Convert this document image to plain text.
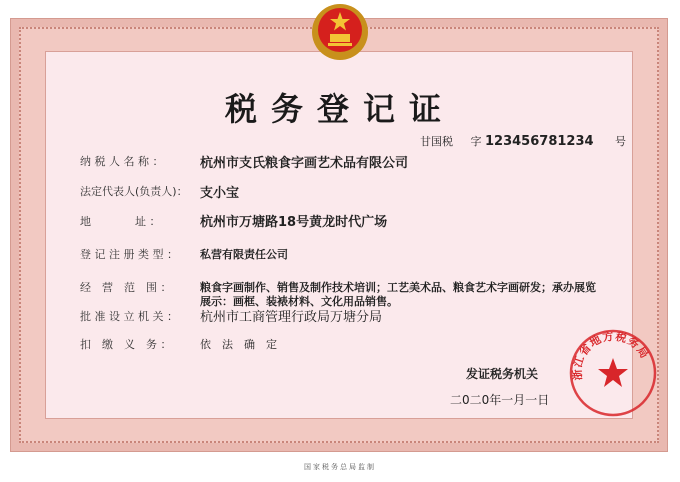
税务登记证
甘国税 字 123456781234 号
纳 税 人 名 称 ：	杭州市支氏粮食字画艺术品有限公司
法定代表人(负责人)： 支小宝
地　　　　址 ：	杭州市万塘路18号黄龙时代广场
登 记 注 册 类 型 ： 私营有限责任公司
经　营　范　围 ：	粮食字画制作、销售及制作技术培训；工艺美术品、粮食艺术字画研发；承办展览
展示：画框、装裱材料、文化用品销售。
批 准 设 立 机 关 ： 杭州市工商管理行政局万塘分局
扣　缴　义　务 ：	依　法　确　定
发证税务机关
二0二0年一月一日
浙江省地方税务局
国家税务总局监制
